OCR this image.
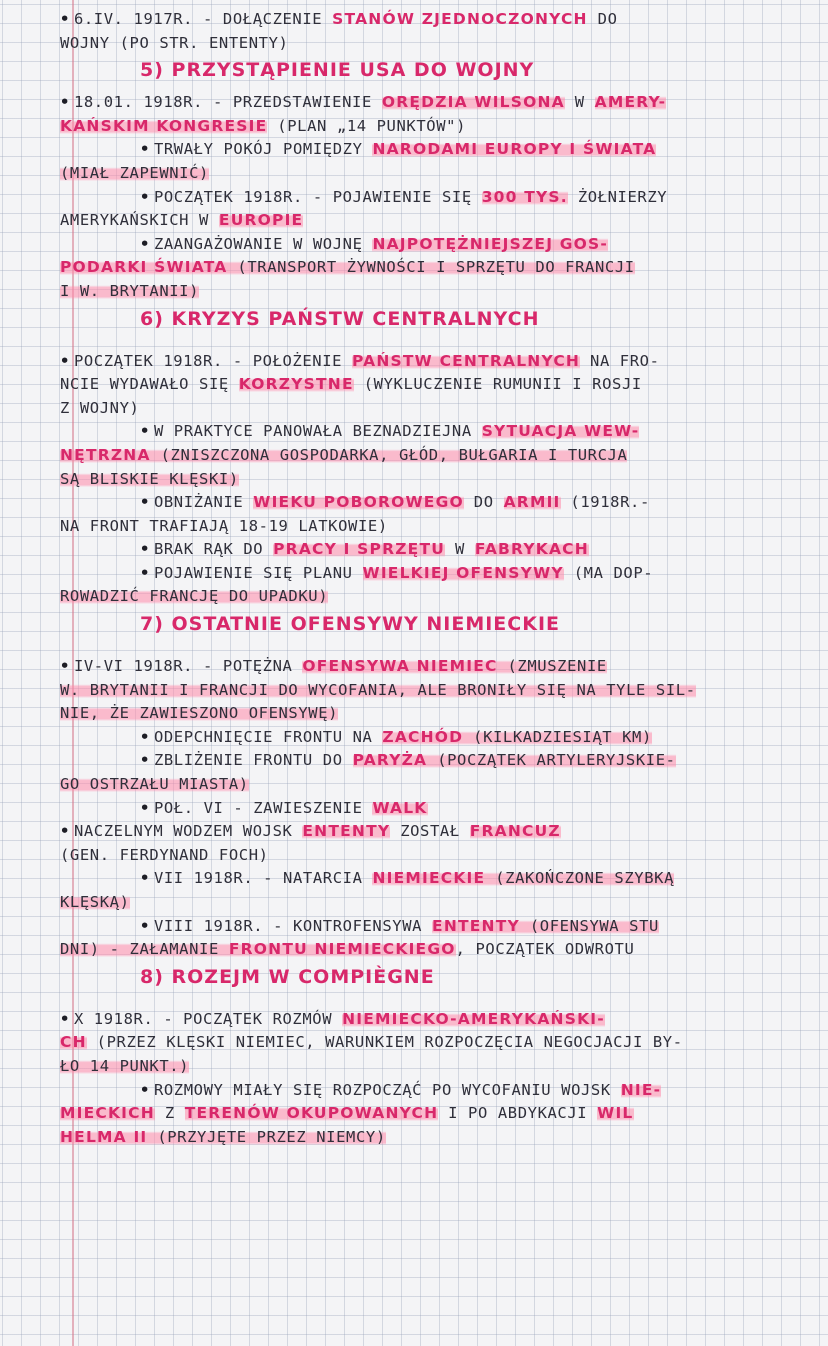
• 6.IV. 1917R. - DOŁĄCZENIE STANÓW ZJEDNOCZONYCH DO
WOJNY (PO STR. ENTENTY)
5) PRZYSTĄPIENIE USA DO WOJNY
• 18.01. 1918R. - PRZEDSTAWIENIE ORĘDZIA WILSONA W AMERY-
KAŃSKIM KONGRESIE (PLAN „14 PUNKTÓW")
• TRWAŁY POKÓJ POMIĘDZY NARODAMI EUROPY I ŚWIATA
(MIAŁ ZAPEWNIĆ)
• POCZĄTEK 1918R. - POJAWIENIE SIĘ 300 TYS. ŻOŁNIERZY
AMERYKAŃSKICH W EUROPIE
• ZAANGAŻOWANIE W WOJNĘ NAJPOTĘŻNIEJSZEJ GOS-
PODARKI ŚWIATA (TRANSPORT ŻYWNOŚCI I SPRZĘTU DO FRANCJI
I W. BRYTANII)
6) KRYZYS PAŃSTW CENTRALNYCH
• POCZĄTEK 1918R. - POŁOŻENIE PAŃSTW CENTRALNYCH NA FRO-
NCIE WYDAWAŁO SIĘ KORZYSTNE (WYKLUCZENIE RUMUNII I ROSJI
Z WOJNY)
• W PRAKTYCE PANOWAŁA BEZNADZIEJNA SYTUACJA WEW-
NĘTRZNA (ZNISZCZONA GOSPODARKA, GŁÓD, BUŁGARIA I TURCJA
SĄ BLISKIE KLĘSKI)
• OBNIŻANIE WIEKU POBOROWEGO DO ARMII (1918R.-
NA FRONT TRAFIAJĄ 18-19 LATKOWIE)
• BRAK RĄK DO PRACY I SPRZĘTU W FABRYKACH
• POJAWIENIE SIĘ PLANU WIELKIEJ OFENSYWY (MA DOP-
ROWADZIĆ FRANCJĘ DO UPADKU)
7) OSTATNIE OFENSYWY NIEMIECKIE
• IV-VI 1918R. - POTĘŻNA OFENSYWA NIEMIEC (ZMUSZENIE
W. BRYTANII I FRANCJI DO WYCOFANIA, ALE BRONIŁY SIĘ NA TYLE SIL-
NIE, ŻE ZAWIESZONO OFENSYWĘ)
• ODEPCHNIĘCIE FRONTU NA ZACHÓD (KILKADZIESIĄT KM)
• ZBLIŻENIE FRONTU DO PARYŻA (POCZĄTEK ARTYLERYJSKIE-
GO OSTRZAŁU MIASTA)
• POŁ. VI - ZAWIESZENIE WALK
• NACZELNYM WODZEM WOJSK ENTENTY ZOSTAŁ FRANCUZ
(GEN. FERDYNAND FOCH)
• VII 1918R. - NATARCIA NIEMIECKIE (ZAKOŃCZONE SZYBKĄ
KLĘSKĄ)
• VIII 1918R. - KONTROFENSYWA ENTENTY (OFENSYWA STU
DNI) - ZAŁAMANIE FRONTU NIEMIECKIEGO, POCZĄTEK ODWROTU
8) ROZEJM W COMPIÈGNE
• X 1918R. - POCZĄTEK ROZMÓW NIEMIECKO-AMERYKAŃSKI-
CH (PRZEZ KLĘSKI NIEMIEC, WARUNKIEM ROZPOCZĘCIA NEGOCJACJI BY-
ŁO 14 PUNKT.)
• ROZMOWY MIAŁY SIĘ ROZPOCZĄĆ PO WYCOFANIU WOJSK NIE-
MIECKICH Z TERENÓW OKUPOWANYCH I PO ABDYKACJI WIL
HELMA II (PRZYJĘTE PRZEZ NIEMCY)
